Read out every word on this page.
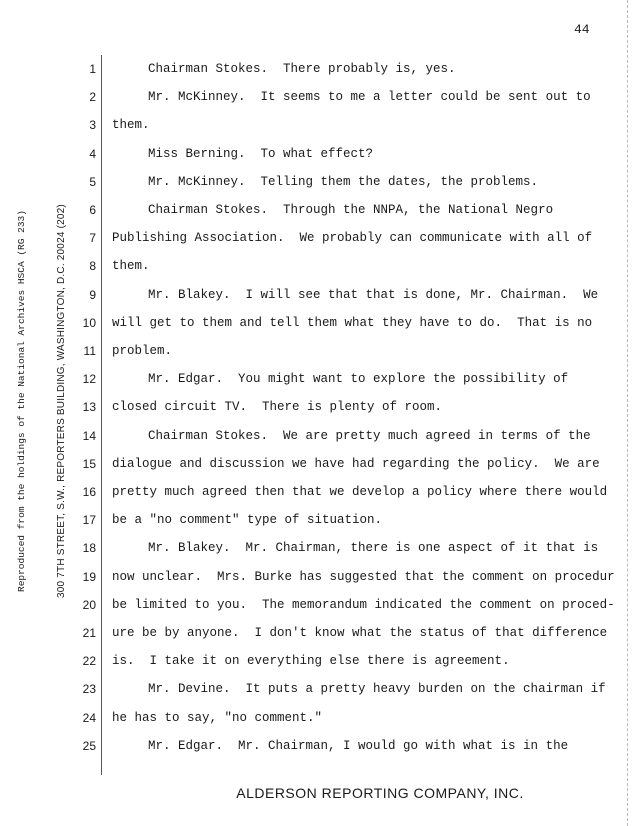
44
Reproduced from the holdings of the National Archives HSCA (RG 233)	300 7TH STREET, S.W., REPORTERS BUILDING, WASHINGTON, D.C. 20024 (202)
1	Chairman Stokes.  There probably is, yes.
2	Mr. McKinney.  It seems to me a letter could be sent out to
3 them.
4	Miss Berning.  To what effect?
5	Mr. McKinney.  Telling them the dates, the problems.
6	Chairman Stokes.  Through the NNPA, the National Negro
7 Publishing Association.  We probably can communicate with all of
8 them.
9	Mr. Blakey.  I will see that that is done, Mr. Chairman.  We
10 will get to them and tell them what they have to do.  That is no
11 problem.
12	Mr. Edgar.  You might want to explore the possibility of
13 closed circuit TV.  There is plenty of room.
14	Chairman Stokes.  We are pretty much agreed in terms of the
15 dialogue and discussion we have had regarding the policy.  We are
16 pretty much agreed then that we develop a policy where there would
17 be a "no comment" type of situation.
18	Mr. Blakey.  Mr. Chairman, there is one aspect of it that is
19 now unclear.  Mrs. Burke has suggested that the comment on procedur
20 be limited to you.  The memorandum indicated the comment on proced-
21 ure be by anyone.  I don't know what the status of that difference
22 is.  I take it on everything else there is agreement.
23	Mr. Devine.  It puts a pretty heavy burden on the chairman if
24 he has to say, "no comment."
25	Mr. Edgar.  Mr. Chairman, I would go with what is in the
ALDERSON REPORTING COMPANY, INC.
